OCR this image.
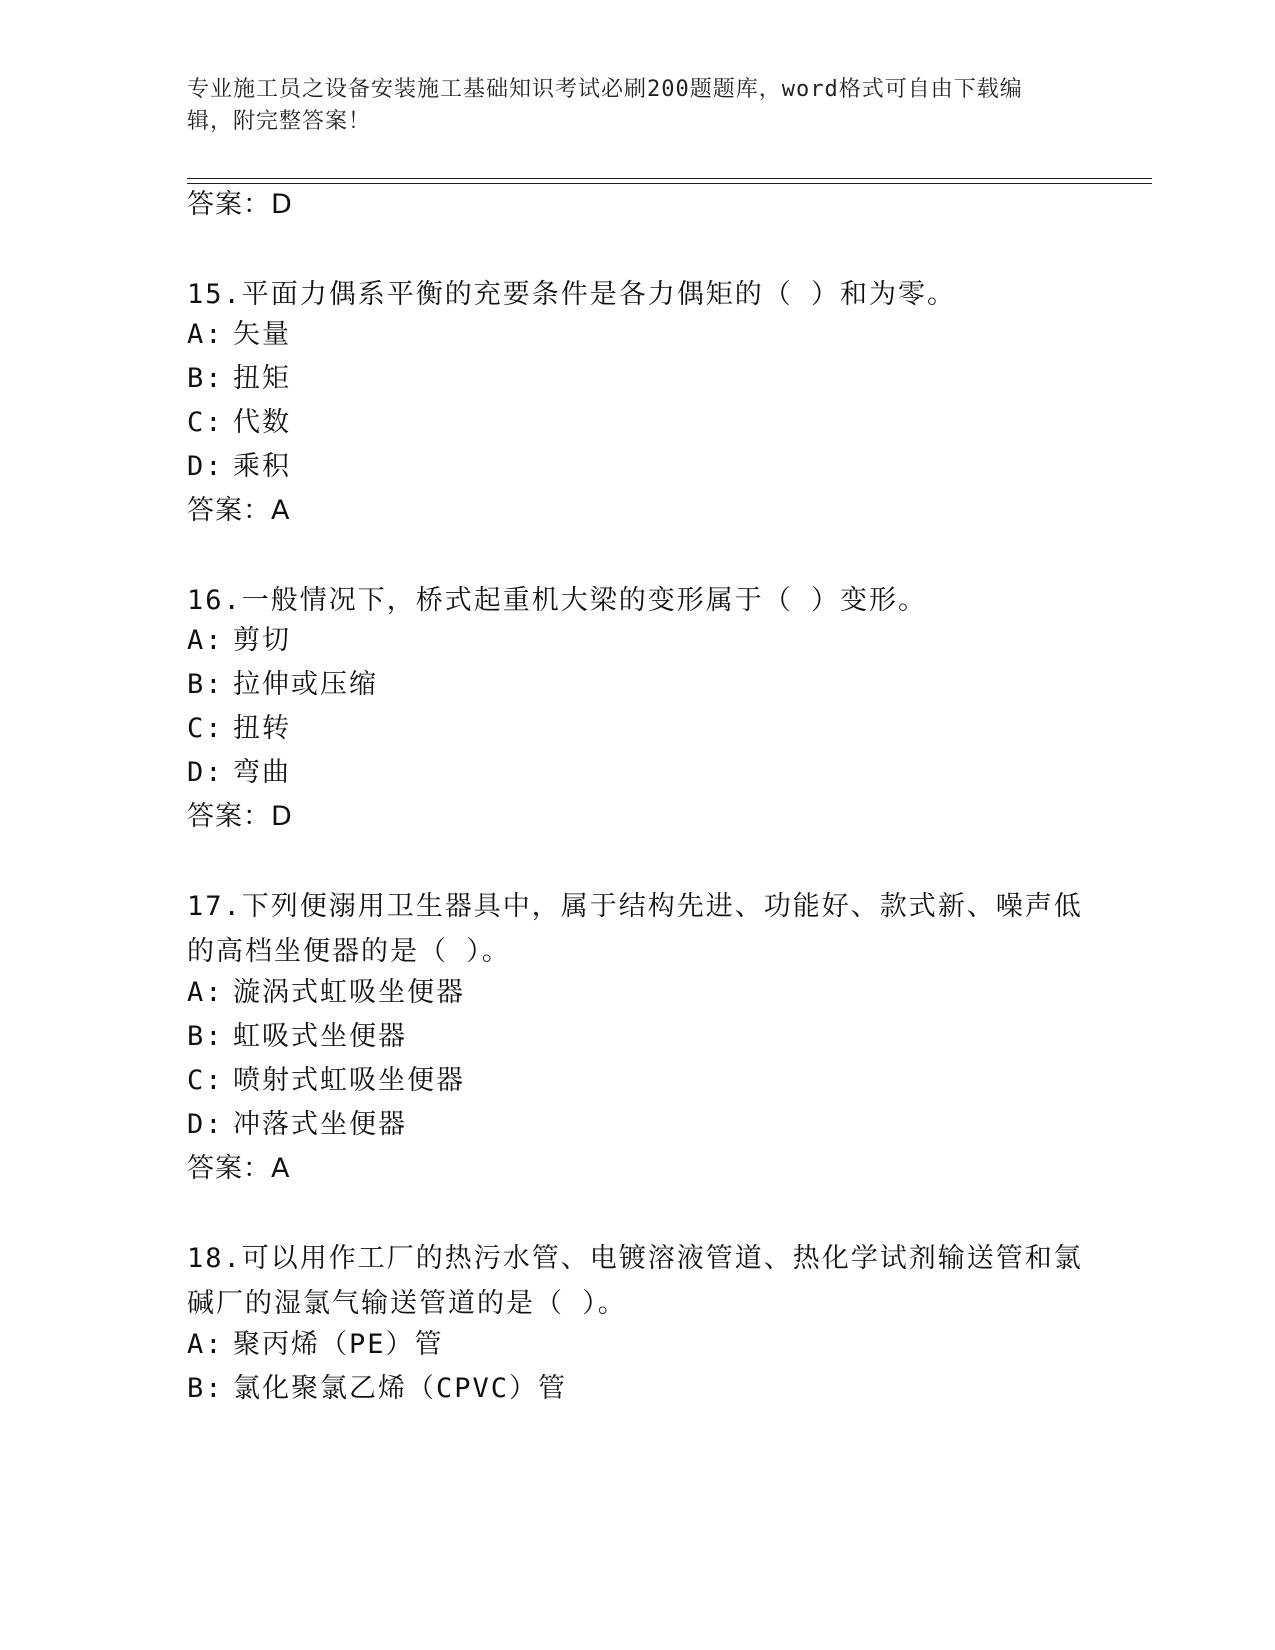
专业施工员之设备安装施工基础知识考试必刷200题题库，word格式可自由下载编辑，附完整答案！
答案：D
15.平面力偶系平衡的充要条件是各力偶矩的（ ）和为零。
A: 矢量
B: 扭矩
C: 代数
D: 乘积
答案：A
16.一般情况下，桥式起重机大梁的变形属于（ ）变形。
A: 剪切
B: 拉伸或压缩
C: 扭转
D: 弯曲
答案：D
17.下列便溺用卫生器具中，属于结构先进、功能好、款式新、噪声低的高档坐便器的是（ ）。
A: 漩涡式虹吸坐便器
B: 虹吸式坐便器
C: 喷射式虹吸坐便器
D: 冲落式坐便器
答案：A
18.可以用作工厂的热污水管、电镀溶液管道、热化学试剂输送管和氯碱厂的湿氯气输送管道的是（ ）。
A: 聚丙烯（PE）管
B: 氯化聚氯乙烯（CPVC）管
